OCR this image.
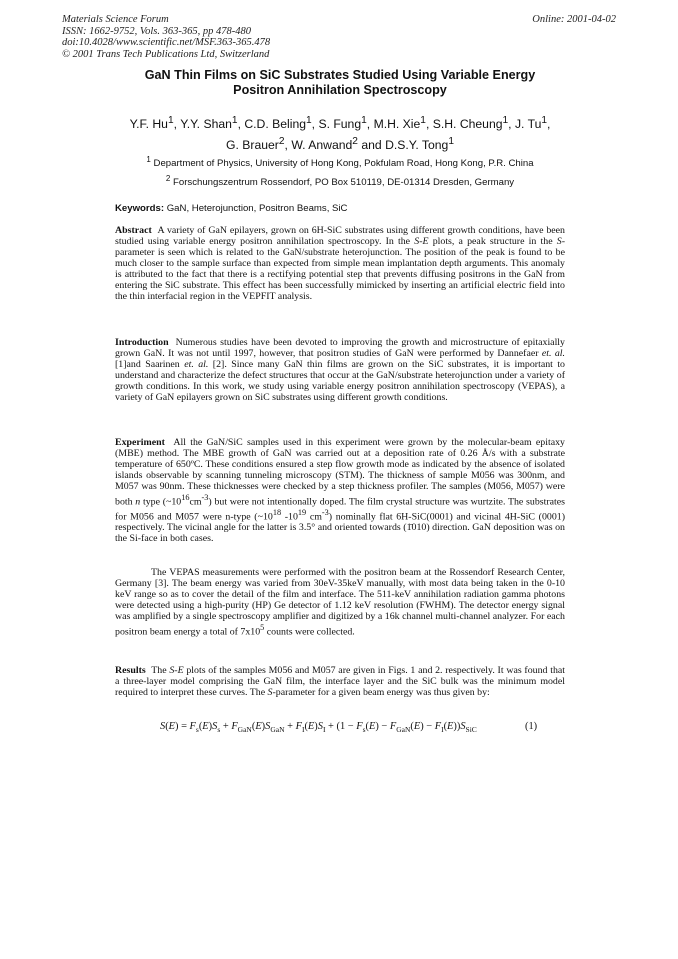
Materials Science Forum
ISSN: 1662-9752, Vols. 363-365, pp 478-480
doi:10.4028/www.scientific.net/MSF.363-365.478
© 2001 Trans Tech Publications Ltd, Switzerland
Online: 2001-04-02
GaN Thin Films on SiC Substrates Studied Using Variable Energy
Positron Annihilation Spectroscopy
Y.F. Hu$^1$, Y.Y. Shan$^1$, C.D. Beling$^1$, S. Fung$^1$, M.H. Xie$^1$, S.H. Cheung$^1$, J. Tu$^1$,
G. Brauer$^2$, W. Anwand$^2$ and D.S.Y. Tong$^1$
$^1$ Department of Physics, University of Hong Kong, Pokfulam Road, Hong Kong, P.R. China
$^2$ Forschungszentrum Rossendorf, PO Box 510119, DE-01314 Dresden, Germany
Keywords: GaN, Heterojunction, Positron Beams, SiC
Abstract A variety of GaN epilayers, grown on 6H-SiC substrates using different growth conditions, have been studied using variable energy positron annihilation spectroscopy. In the S-E plots, a peak structure in the S-parameter is seen which is related to the GaN/substrate heterojunction. The position of the peak is found to be much closer to the sample surface than expected from simple mean implantation depth arguments. This anomaly is attributed to the fact that there is a rectifying potential step that prevents diffusing positrons in the GaN from entering the SiC substrate. This effect has been successfully mimicked by inserting an artificial electric field into the thin interfacial region in the VEPFIT analysis.
Introduction Numerous studies have been devoted to improving the growth and microstructure of epitaxially grown GaN. It was not until 1997, however, that positron studies of GaN were performed by Dannefaer et. al.[1]and Saarinen et. al. [2]. Since many GaN thin films are grown on the SiC substrates, it is important to understand and characterize the defect structures that occur at the GaN/substrate heterojunction under a variety of growth conditions. In this work, we study using variable energy positron annihilation spectroscopy (VEPAS), a variety of GaN epilayers grown on SiC substrates using different growth conditions.
Experiment All the GaN/SiC samples used in this experiment were grown by the molecular-beam epitaxy (MBE) method. The MBE growth of GaN was carried out at a deposition rate of 0.26 Å/s with a substrate temperature of 650ºC. These conditions ensured a step flow growth mode as indicated by the absence of isolated islands observable by scanning tunneling microscopy (STM). The thickness of sample M056 was 300nm, and M057 was 90nm. These thicknesses were checked by a step thickness profiler. The samples (M056, M057) were both n type $(\sim 10^{16}cm^{-3})$ but were not intentionally doped. The film crystal structure was wurtzite. The substrates for M056 and M057 were n-type ($\sim 10^{18}$ $-10^{19}$ $cm^{-3}$) nominally flat 6H-SiC(0001) and vicinal 4H-SiC (0001) respectively. The vicinal angle for the latter is 3.5° and oriented towards (1̄010) direction. GaN deposition was on the Si-face in both cases.
The VEPAS measurements were performed with the positron beam at the Rossendorf Research Center, Germany [3]. The beam energy was varied from 30eV-35keV manually, with most data being taken in the 0-10 keV range so as to cover the detail of the film and interface. The 511-keV annihilation radiation gamma photons were detected using a high-purity (HP) Ge detector of 1.12 keV resolution (FWHM). The detector energy signal was amplified by a single spectroscopy amplifier and digitized by a 16k channel multi-channel analyzer. For each positron beam energy a total of $7x10^5$ counts were collected.
Results The S-E plots of the samples M056 and M057 are given in Figs. 1 and 2. respectively. It was found that a three-layer model comprising the GaN film, the interface layer and the SiC bulk was the minimum model required to interpret these curves. The S-parameter for a given beam energy was thus given by:
$S(E) = F_s(E)S_s + F_{GaN}(E)S_{GaN} + F_I(E)S_I + (1 - F_s(E) - F_{GaN}(E) - F_I(E))S_{SiC}$	(1)
